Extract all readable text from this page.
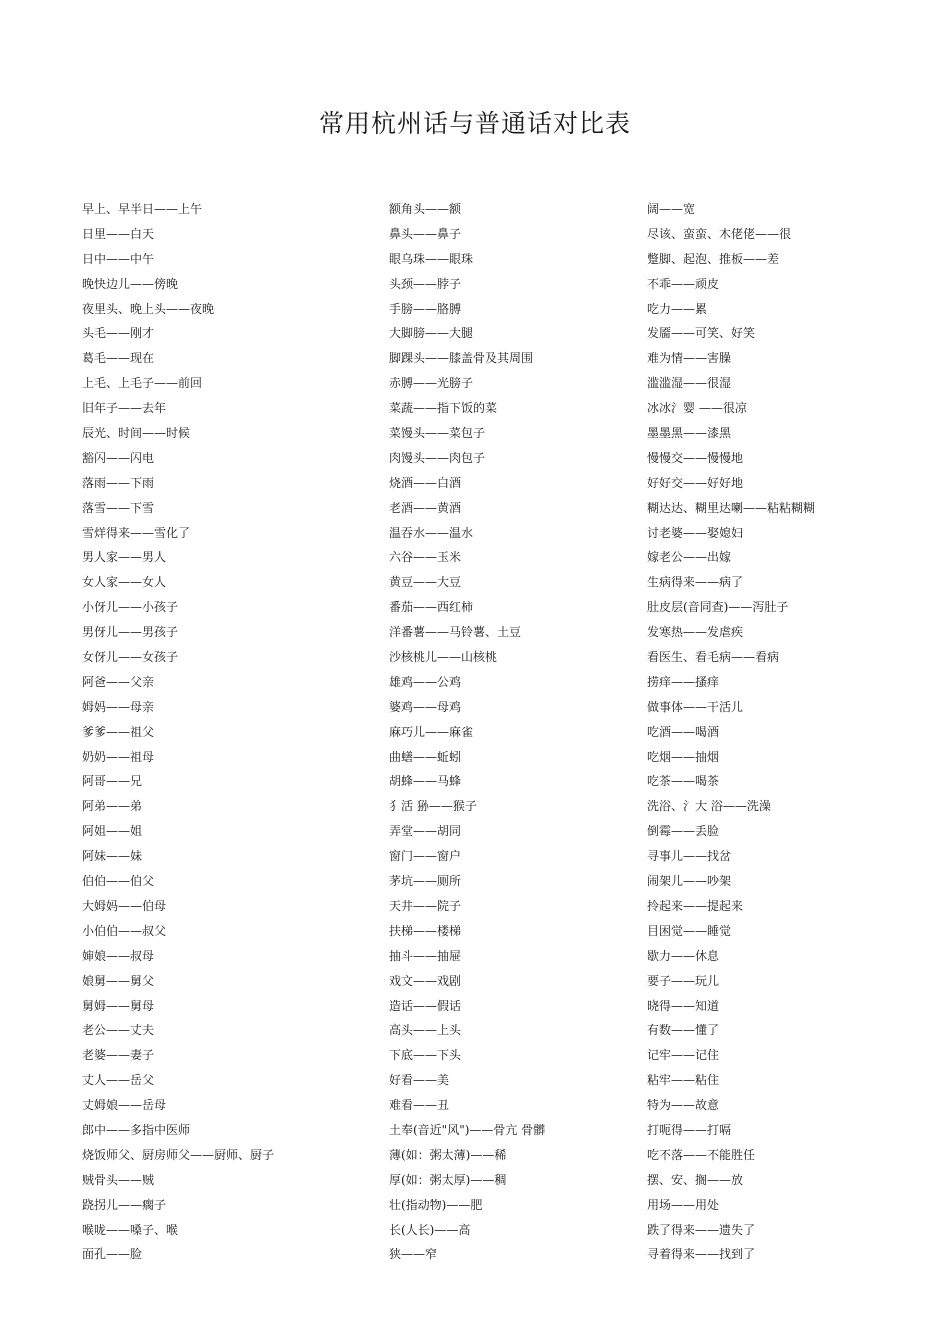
常用杭州话与普通话对比表
早上、早半日——上午
日里——白天
日中——中午
晚快边儿——傍晚
夜里头、晚上头——夜晚
头毛——刚才
葛毛——现在
上毛、上毛子——前回
旧年子——去年
辰光、时间——时候
豁闪——闪电
落雨——下雨
落雪——下雪
雪烊得来——雪化了
男人家——男人
女人家——女人
小伢儿——小孩子
男伢儿——男孩子
女伢儿——女孩子
阿爸——父亲
姆妈——母亲
爹爹——祖父
奶奶——祖母
阿哥——兄
阿弟——弟
阿姐——姐
阿妹——妹
伯伯——伯父
大姆妈——伯母
小伯伯——叔父
婶娘——叔母
娘舅——舅父
舅姆——舅母
老公——丈夫
老婆——妻子
丈人——岳父
丈姆娘——岳母
郎中——多指中医师
烧饭师父、厨房师父——厨师、厨子
贼骨头——贼
跷拐儿——瘸子
喉咙——嗓子、喉
面孔——脸
额角头——额
鼻头——鼻子
眼乌珠——眼珠
头颈——脖子
手膀——胳膊
大脚膀——大腿
脚踝头——膝盖骨及其周围
赤膊——光膀子
菜蔬——指下饭的菜
菜馒头——菜包子
肉馒头——肉包子
烧酒——白酒
老酒——黄酒
温吞水——温水
六谷——玉米
黄豆——大豆
番茄——西红柿
洋番薯——马铃薯、土豆
沙核桃儿——山核桃
雄鸡——公鸡
婆鸡——母鸡
麻巧儿——麻雀
曲蟮——蚯蚓
胡蜂——马蜂
犭活 狲——猴子
弄堂——胡同
窗门——窗户
茅坑——厕所
天井——院子
扶梯——楼梯
抽斗——抽屉
戏文——戏剧
造话——假话
高头——上头
下底——下头
好看——美
难看——丑
土奉(音近"风")——骨亢 骨髒
薄(如：粥太薄)——稀
厚(如：粥太厚)——稠
壮(指动物)——肥
长(人长)——高
狭——窄
阔——宽
尽该、蛮蛮、木佬佬——很
蹩脚、起泡、推板——差
不乖——顽皮
吃力——累
发靥——可笑、好笑
难为情——害臊
滥滥湿——很湿
冰冰氵婴 ——很凉
墨墨黑——漆黑
慢慢交——慢慢地
好好交——好好地
糊达达、糊里达喇——粘粘糊糊
讨老婆——娶媳妇
嫁老公——出嫁
生病得来——病了
肚皮层(音同查)——泻肚子
发寒热——发虐疾
看医生、看毛病——看病
捞痒——搔痒
做事体——干活儿
吃酒——喝酒
吃烟——抽烟
吃茶——喝茶
洗浴、氵大 浴——洗澡
倒霉——丢脸
寻事儿——找岔
闹架儿——吵架
拎起来——提起来
目困觉——睡觉
歇力——休息
要子——玩儿
晓得——知道
有数——懂了
记牢——记住
粘牢——粘住
特为——故意
打呃得——打嗝
吃不落——不能胜任
摆、安、搁——放
用场——用处
跌了得来——遗失了
寻着得来——找到了
